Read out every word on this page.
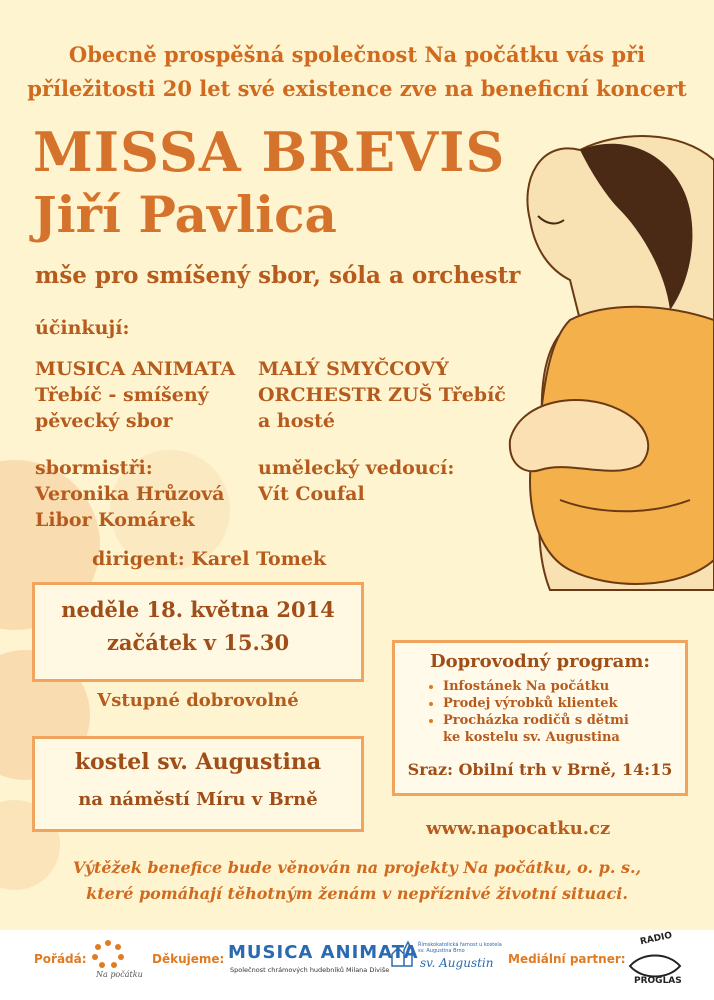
Obecně prospěšná společnost Na počátku vás při
příležitosti 20 let své existence zve na beneficní koncert
MISSA BREVIS
Jiří Pavlica
mše pro smíšený sbor, sóla a orchestr
účinkují:
MUSICA ANIMATA
Třebíč - smíšený
pěvecký sbor
MALÝ SMYČCOVÝ
ORCHESTR ZUŠ Třebíč
a hosté
sbormistři:
Veronika Hrůzová
Libor Komárek
umělecký vedoucí:
Vít Coufal
dirigent: Karel Tomek
neděle 18. května 2014
začátek v 15.30
Vstupné dobrovolné
kostel sv. Augustina
na náměstí Míru v Brně
Doprovodný program:
• Infostánek Na počátku
• Prodej výrobků klientek
• Procházka rodičů s dětmi
ke kostelu sv. Augustina
Sraz: Obilní trh v Brně, 14:15
www.napocatku.cz
Výtěžek benefice bude věnován na projekty Na počátku, o. p. s.,
které pomáhají těhotným ženám v nepříznivé životní situaci.
Pořádá:
Na počátku
Děkujeme: MUSICA ANIMATA
Společnost chrámových hudebníků Milana Diviše
Římskokatolická farnost u kostela sv. Augustina Brno
sv. Augustin Mediální partner:
RADIO
PROGLAS
